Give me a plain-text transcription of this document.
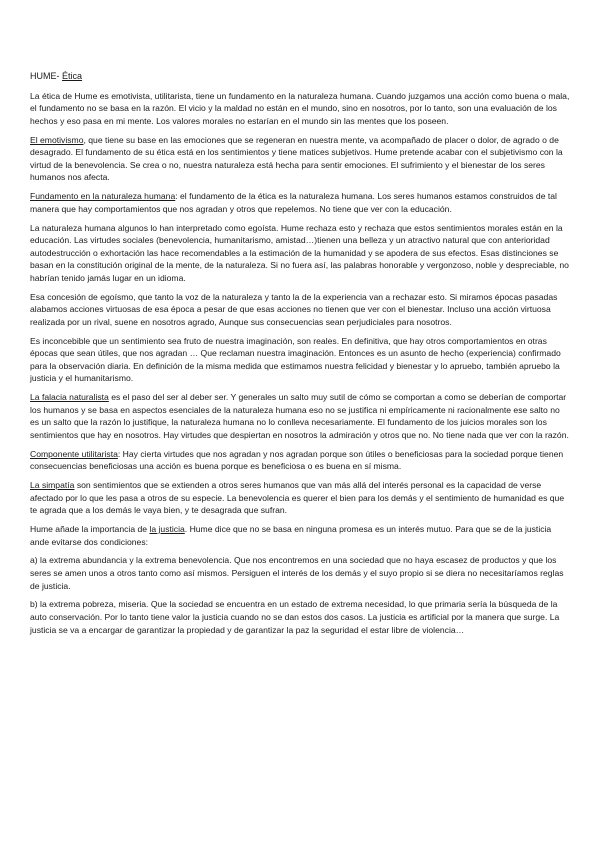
HUME- Ética

La ética de Hume es emotivista, utilitarista, tiene un fundamento en la naturaleza humana. Cuando juzgamos una acción como buena o mala, el fundamento no se basa en la razón. El vicio y la maldad no están en el mundo, sino en nosotros, por lo tanto, son una evaluación de los hechos y eso pasa en mi mente. Los valores morales no estarían en el mundo sin las mentes que los poseen.

El emotivismo, que tiene su base en las emociones que se regeneran en nuestra mente, va acompañado de placer o dolor, de agrado o de desagrado. El fundamento de su ética está en los sentimientos y tiene matices subjetivos. Hume pretende acabar con el subjetivismo con la virtud de la benevolencia. Se crea o no, nuestra naturaleza está hecha para sentir emociones. El sufrimiento y el bienestar de los seres humanos nos afecta.

Fundamento en la naturaleza humana: el fundamento de la ética es la naturaleza humana. Los seres humanos estamos construidos de tal manera que hay comportamientos que nos agradan y otros que repelemos. No tiene que ver con la educación.

La naturaleza humana algunos lo han interpretado como egoísta. Hume rechaza esto y rechaza que estos sentimientos morales están en la educación. Las virtudes sociales (benevolencia, humanitarismo, amistad…)tienen una belleza y un atractivo natural que con anterioridad autodestrucción o exhortación las hace recomendables a la estimación de la humanidad y se apodera de sus efectos. Esas distinciones se basan en la constitución original de la mente, de la naturaleza. Si no fuera así, las palabras honorable y vergonzoso, noble y despreciable, no habrían tenido jamás lugar en un idioma.

Esa concesión de egoísmo, que tanto la voz de la naturaleza y tanto la de la experiencia van a rechazar esto. Si miramos épocas pasadas alabamos acciones virtuosas de esa época a pesar de que esas acciones no tienen que ver con el bienestar. Incluso una acción virtuosa realizada por un rival, suene en nosotros agrado, Aunque sus consecuencias sean perjudiciales para nosotros.

Es inconcebible que un sentimiento sea fruto de nuestra imaginación, son reales. En definitiva, que hay otros comportamientos en otras épocas que sean útiles, que nos agradan … Que reclaman nuestra imaginación. Entonces es un asunto de hecho (experiencia) confirmado para la observación diaria. En definición de la misma medida que estimamos nuestra felicidad y bienestar y lo apruebo, también apruebo la justicia y el humanitarismo.

La falacia naturalista es el paso del ser al deber ser. Y generales un salto muy sutil de cómo se comportan a como se deberían de comportar los humanos y se basa en aspectos esenciales de la naturaleza humana eso no se justifica ni empíricamente ni racionalmente ese salto no es un salto que la razón lo justifique, la naturaleza humana no lo conlleva necesariamente. El fundamento de los juicios morales son los sentimientos que hay en nosotros. Hay virtudes que despiertan en nosotros la admiración y otros que no. No tiene nada que ver con la razón.

Componente utilitarista: Hay cierta virtudes que nos agradan y nos agradan porque son útiles o beneficiosas para la sociedad porque tienen consecuencias beneficiosas una acción es buena porque es beneficiosa o es buena en sí misma.

La simpatía son sentimientos que se extienden a otros seres humanos que van más allá del interés personal es la capacidad de verse afectado por lo que les pasa a otros de su especie. La benevolencia es querer el bien para los demás y el sentimiento de humanidad es que te agrada que a los demás le vaya bien, y te desagrada que sufran.

Hume añade la importancia de la justicia. Hume dice que no se basa en ninguna promesa es un interés mutuo. Para que se de la justicia ande evitarse dos condiciones:

a) la extrema abundancia y la extrema benevolencia. Que nos encontremos en una sociedad que no haya escasez de productos y que los seres se amen unos a otros tanto como así mismos. Persiguen el interés de los demás y el suyo propio si se diera no necesitaríamos reglas de justicia.

b) la extrema pobreza, miseria. Que la sociedad se encuentra en un estado de extrema necesidad, lo que primaria sería la búsqueda de la auto conservación. Por lo tanto tiene valor la justicia cuando no se dan estos dos casos. La justicia es artificial por la manera que surge. La justicia se va a encargar de garantizar la propiedad y de garantizar la paz la seguridad el estar libre de violencia…
